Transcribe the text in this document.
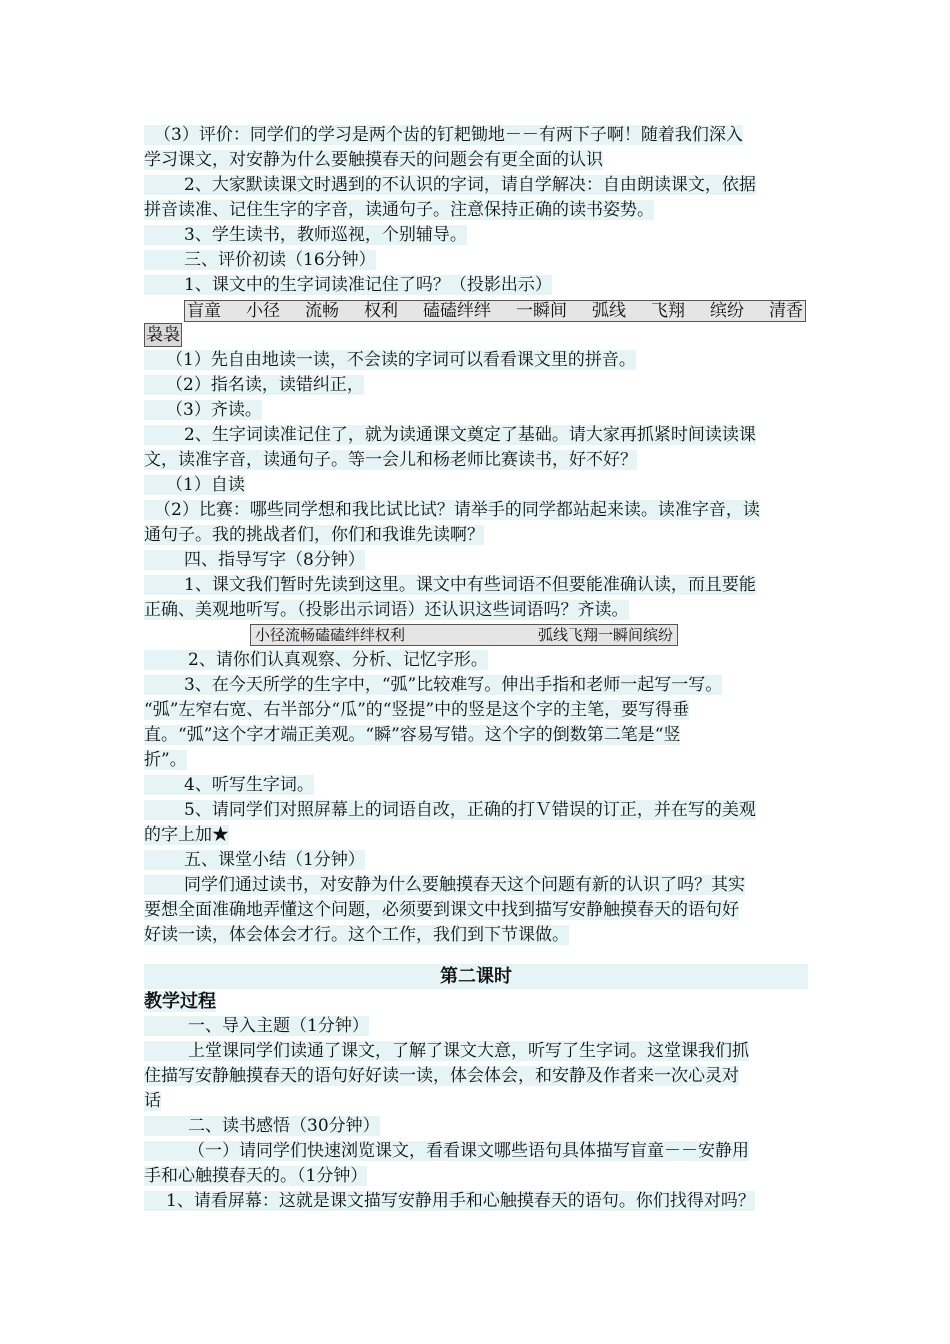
（3）评价：同学们的学习是两个齿的钉耙锄地－－有两下子啊！随着我们深入
学习课文，对安静为什么要触摸春天的问题会有更全面的认识
2、大家默读课文时遇到的不认识的字词，请自学解决：自由朗读课文，依据
拼音读准、记住生字的字音，读通句子。注意保持正确的读书姿势。
3、学生读书，教师巡视，个别辅导。
三、评价初读（16分钟）
1、课文中的生字词读准记住了吗？（投影出示）
盲童 小径 流畅 权利 磕磕绊绊 一瞬间 弧线 飞翔 缤纷 清香
袅袅
（1）先自由地读一读，不会读的字词可以看看课文里的拼音。
（2）指名读，读错纠正，
（3）齐读。
2、生字词读准记住了，就为读通课文奠定了基础。请大家再抓紧时间读读课
文，读准字音，读通句子。等一会儿和杨老师比赛读书，好不好？
（1）自读
（2）比赛：哪些同学想和我比试比试？请举手的同学都站起来读。读准字音，读
通句子。我的挑战者们，你们和我谁先读啊？
四、指导写字（8分钟）
1、课文我们暂时先读到这里。课文中有些词语不但要能准确认读，而且要能
正确、美观地听写。（投影出示词语）还认识这些词语吗？齐读。
小径流畅磕磕绊绊权利	弧线飞翔一瞬间缤纷
2、请你们认真观察、分析、记忆字形。
3、在今天所学的生字中，“弧”比较难写。伸出手指和老师一起写一写。
“弧”左窄右宽、右半部分“瓜”的“竖提”中的竖是这个字的主笔，要写得垂
直。“弧”这个字才端正美观。“瞬”容易写错。这个字的倒数第二笔是“竖
折”。
4、听写生字词。
5、请同学们对照屏幕上的词语自改，正确的打Ｖ错误的订正，并在写的美观
的字上加★
五、课堂小结（1分钟）
同学们通过读书，对安静为什么要触摸春天这个问题有新的认识了吗？其实
要想全面准确地弄懂这个问题，必须要到课文中找到描写安静触摸春天的语句好
好读一读，体会体会才行。这个工作，我们到下节课做。
第二课时
教学过程
一、导入主题（1分钟）
上堂课同学们读通了课文，了解了课文大意，听写了生字词。这堂课我们抓
住描写安静触摸春天的语句好好读一读，体会体会，和安静及作者来一次心灵对
话
二、读书感悟（30分钟）
（一）请同学们快速浏览课文，看看课文哪些语句具体描写盲童－－安静用
手和心触摸春天的。（1分钟）
1、请看屏幕：这就是课文描写安静用手和心触摸春天的语句。你们找得对吗？
